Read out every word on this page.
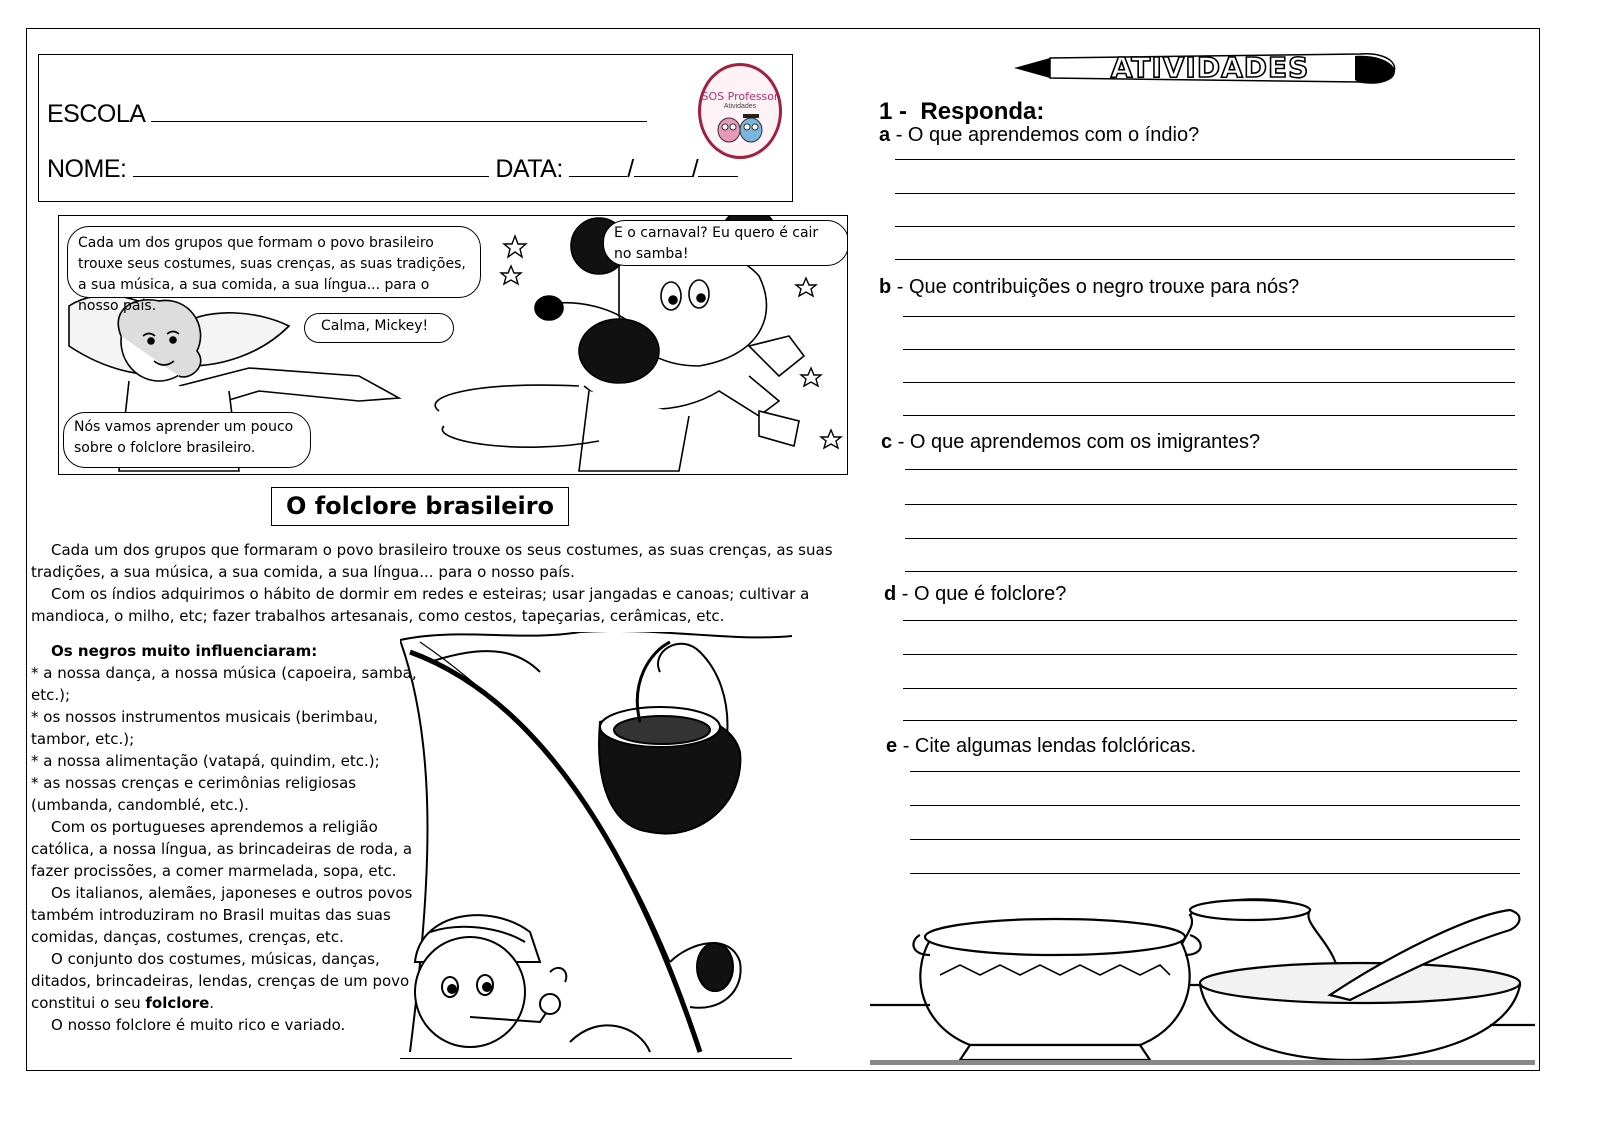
ESCOLA
NOME:	DATA:	/ /
SOS Professor
Atividades
Cada um dos grupos que formam o povo brasileiro trouxe seus costumes, suas crenças, as suas tradições, a sua música, a sua comida, a sua língua... para o nosso país.
E o carnaval? Eu quero é cair no samba!
Calma, Mickey!
Nós vamos aprender um pouco sobre o folclore brasileiro.
O folclore brasileiro
Cada um dos grupos que formaram o povo brasileiro trouxe os seus costumes, as suas crenças, as suas
tradições, a sua música, a sua comida, a sua língua... para o nosso país.
Com os índios adquirimos o hábito de dormir em redes e esteiras; usar jangadas e canoas; cultivar a
mandioca, o milho, etc; fazer trabalhos artesanais, como cestos, tapeçarias, cerâmicas, etc.
Os negros muito influenciaram:
* a nossa dança, a nossa música (capoeira, samba,
etc.);
* os nossos instrumentos musicais (berimbau,
tambor, etc.);
* a nossa alimentação (vatapá, quindim, etc.);
* as nossas crenças e cerimônias religiosas
(umbanda, candomblé, etc.).
Com os portugueses aprendemos a religião
católica, a nossa língua, as brincadeiras de roda, a
fazer procissões, a comer marmelada, sopa, etc.
Os italianos, alemães, japoneses e outros povos
também introduziram no Brasil muitas das suas
comidas, danças, costumes, crenças, etc.
O conjunto dos costumes, músicas, danças,
ditados, brincadeiras, lendas, crenças de um povo
constitui o seu folclore.
O nosso folclore é muito rico e variado.
ATIVIDADES
1 - Responda:
a - O que aprendemos com o índio?
b - Que contribuições o negro trouxe para nós?
c - O que aprendemos com os imigrantes?
d - O que é folclore?
e - Cite algumas lendas folclóricas.
